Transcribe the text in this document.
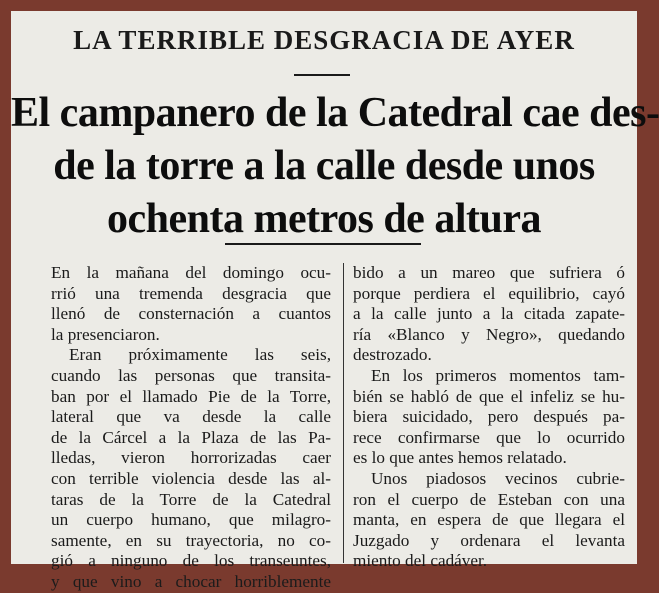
LA TERRIBLE DESGRACIA DE AYER
El campanero de la Catedral cae des-
de la torre a la calle desde unos
ochenta metros de altura
En la mañana del domingo ocu-
rrió una tremenda desgracia que
llenó de consternación a cuantos
la presenciaron.
Eran próximamente las seis,
cuando las personas que transita-
ban por el llamado Pie de la Torre,
lateral que va desde la calle
de la Cárcel a la Plaza de las Pa-
lledas, vieron horrorizadas caer
con terrible violencia desde las al-
taras de la Torre de la Catedral
un cuerpo humano, que milagro-
samente, en su trayectoria, no co-
gió a ninguno de los transeuntes,
y que vino a chocar horriblemente
bido a un mareo que sufriera ó
porque perdiera el equilibrio, cayó
a la calle junto a la citada zapate-
ría «Blanco y Negro», quedando
destrozado.
En los primeros momentos tam-
bién se habló de que el infeliz se hu-
biera suicidado, pero después pa-
rece confirmarse que lo ocurrido
es lo que antes hemos relatado.
Unos piadosos vecinos cubrie-
ron el cuerpo de Esteban con una
manta, en espera de que llegara el
Juzgado y ordenara el levanta
miento del cadáver.
